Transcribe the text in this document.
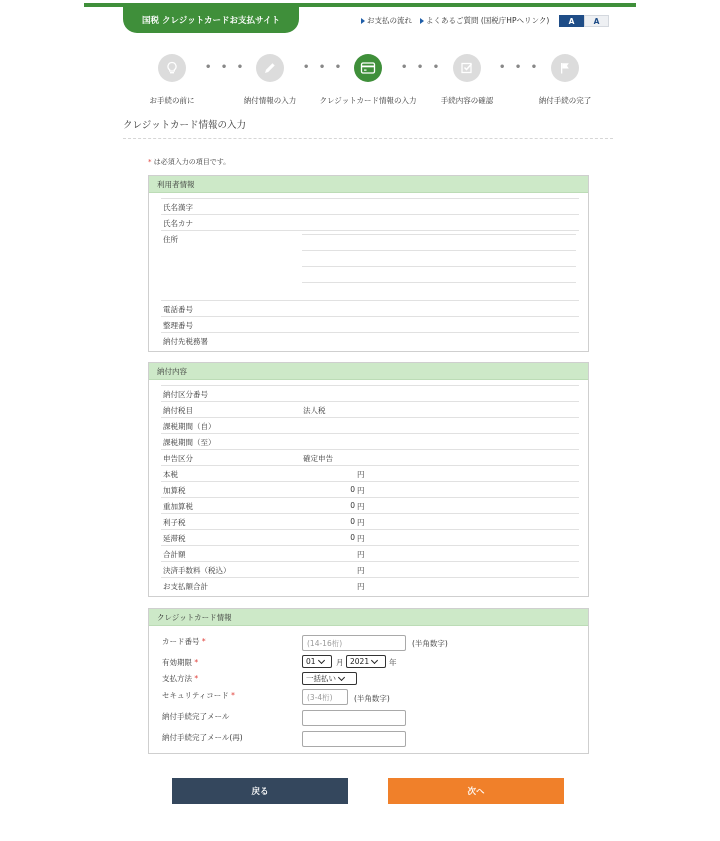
国税 クレジットカードお支払サイト	お支払の流れ よくあるご質問 (国税庁HPへリンク)	A	A
• • •	• • •	• • •	• • •
お手続の前に	納付情報の入力	クレジットカード情報の入力	手続内容の確認	納付手続の完了
クレジットカード情報の入力
* は必須入力の項目です。
利用者情報
氏名漢字
氏名カナ
住所
電話番号
整理番号
納付先税務署
納付内容
納付区分番号
納付税目	法人税
課税期間（自）
課税期間（至）
申告区分	確定申告
本税	円
加算税	0 円
重加算税	0 円
利子税	0 円
延滞税	0 円
合計額	円
決済手数料（税込）	円
お支払額合計	円
クレジットカード情報
カード番号 *
(14-16桁)	(半角数字)
有効期限 *	01	月 2021	年
支払方法 *	一括払い
セキュリティコード *
(3-4桁)	(半角数字)
納付手続完了メール
納付手続完了メール(再)
戻る	次へ
